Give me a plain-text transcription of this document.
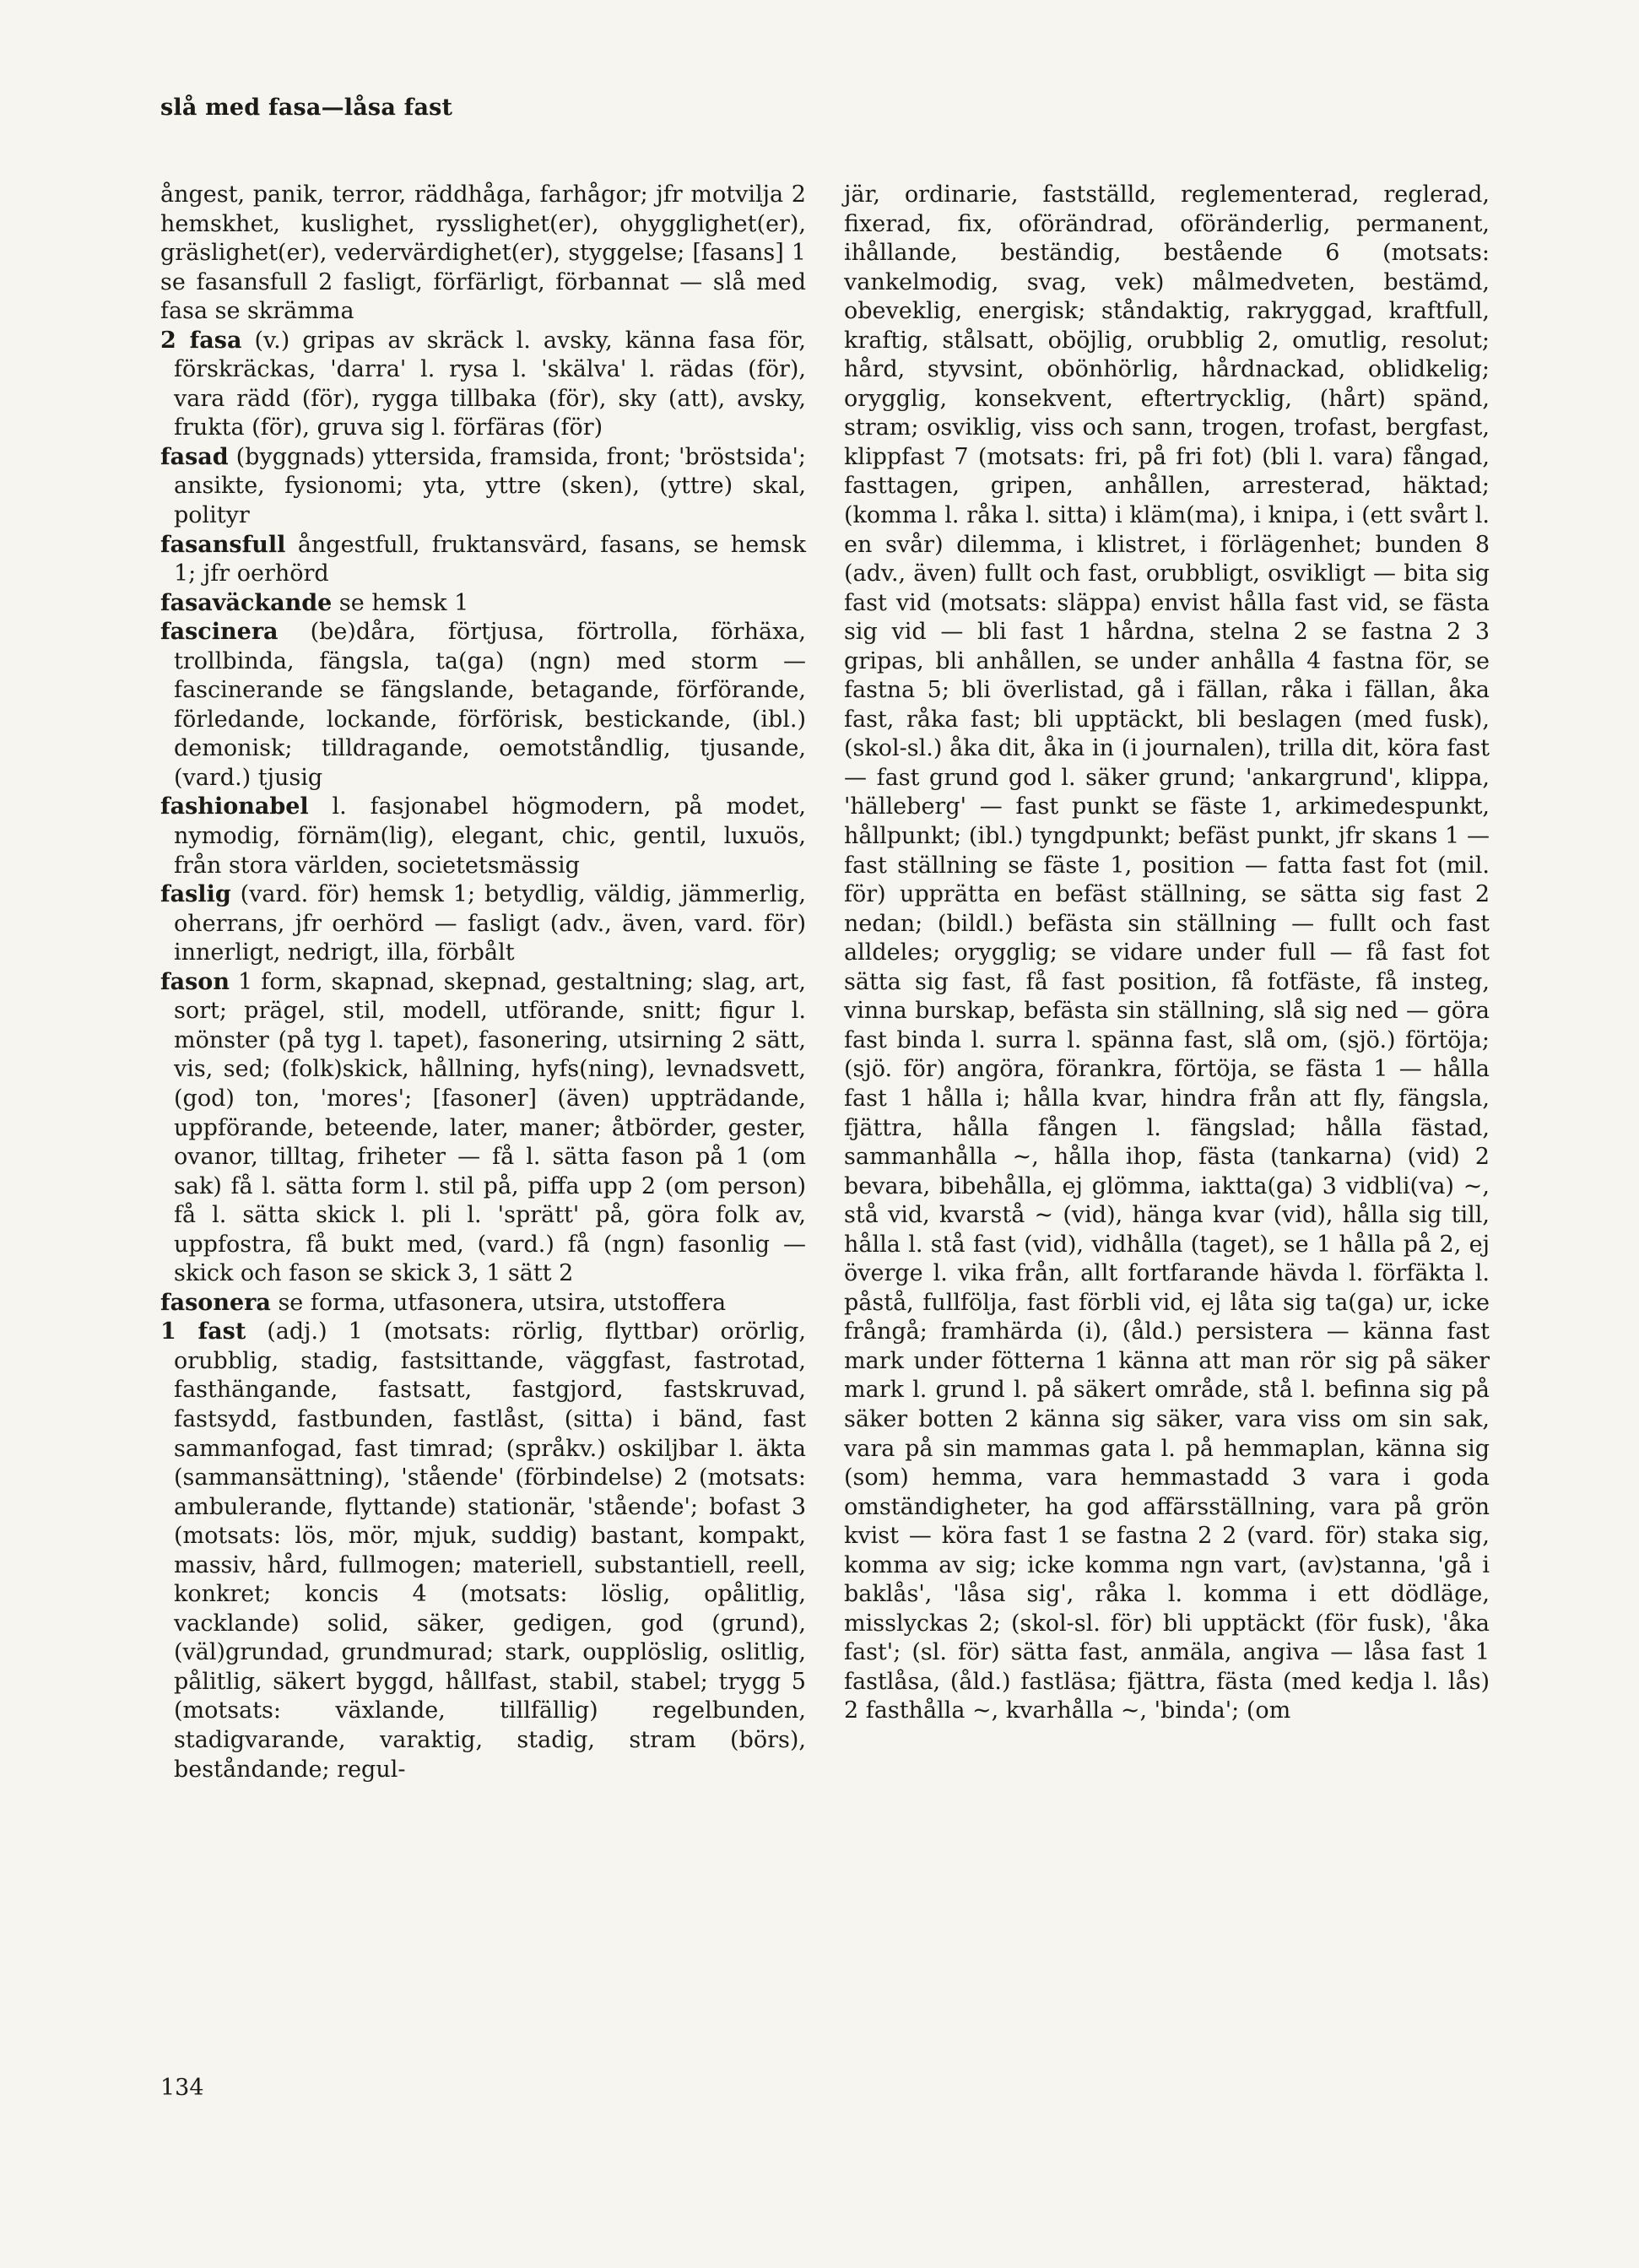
slå med fasa—låsa fast

ångest, panik, terror, räddhåga, farhågor; jfr motvilja 2 hemskhet, kuslighet, rysslighet(er), ohygglighet(er), gräslighet(er), vedervärdighet(er), styggelse; [fasans] 1 se fasansfull 2 fasligt, förfärligt, förbannat — slå med fasa se skrämma

2 fasa (v.) gripas av skräck l. avsky, känna fasa för, förskräckas, 'darra' l. rysa l. 'skälva' l. rädas (för), vara rädd (för), rygga tillbaka (för), sky (att), avsky, frukta (för), gruva sig l. förfäras (för)

fasad (byggnads) yttersida, framsida, front; 'bröstsida'; ansikte, fysionomi; yta, yttre (sken), (yttre) skal, polityr

fasansfull ångestfull, fruktansvärd, fasans, se hemsk 1; jfr oerhörd

fasaväckande se hemsk 1

fascinera (be)dåra, förtjusa, förtrolla, förhäxa, trollbinda, fängsla, ta(ga) (ngn) med storm — fascinerande se fängslande, betagande, förförande, förledande, lockande, förförisk, bestickande, (ibl.) demonisk; tilldragande, oemotståndlig, tjusande, (vard.) tjusig

fashionabel l. fasjonabel högmodern, på modet, nymodig, förnäm(lig), elegant, chic, gentil, luxuös, från stora världen, societetsmässig

faslig (vard. för) hemsk 1; betydlig, väldig, jämmerlig, oherrans, jfr oerhörd — fasligt (adv., även, vard. för) innerligt, nedrigt, illa, förbålt

fason 1 form, skapnad, skepnad, gestaltning; slag, art, sort; prägel, stil, modell, utförande, snitt; figur l. mönster (på tyg l. tapet), fasonering, utsirning 2 sätt, vis, sed; (folk)skick, hållning, hyfs(ning), levnadsvett, (god) ton, 'mores'; [fasoner] (även) uppträdande, uppförande, beteende, later, maner; åtbörder, gester, ovanor, tilltag, friheter — få l. sätta fason på 1 (om sak) få l. sätta form l. stil på, piffa upp 2 (om person) få l. sätta skick l. pli l. 'sprätt' på, göra folk av, uppfostra, få bukt med, (vard.) få (ngn) fasonlig — skick och fason se skick 3, 1 sätt 2

fasonera se forma, utfasonera, utsira, utstoffera

1 fast (adj.) 1 (motsats: rörlig, flyttbar) orörlig, orubblig, stadig, fastsittande, väggfast, fastrotad, fasthängande, fastsatt, fastgjord, fastskruvad, fastsydd, fastbunden, fastlåst, (sitta) i bänd, fast sammanfogad, fast timrad; (språkv.) oskiljbar l. äkta (sammansättning), 'stående' (förbindelse) 2 (motsats: ambulerande, flyttande) stationär, 'stående'; bofast 3 (motsats: lös, mör, mjuk, suddig) bastant, kompakt, massiv, hård, fullmogen; materiell, substantiell, reell, konkret; koncis 4 (motsats: löslig, opålitlig, vacklande) solid, säker, gedigen, god (grund), (väl)grundad, grundmurad; stark, oupplöslig, oslitlig, pålitlig, säkert byggd, hållfast, stabil, stabel; trygg 5 (motsats: växlande, tillfällig) regelbunden, stadigvarande, varaktig, stadig, stram (börs), beståndande; regul-

jär, ordinarie, fastställd, reglementerad, reglerad, fixerad, fix, oförändrad, oföränderlig, permanent, ihållande, beständig, bestående 6 (motsats: vankelmodig, svag, vek) målmedveten, bestämd, obeveklig, energisk; ståndaktig, rakryggad, kraftfull, kraftig, stålsatt, oböjlig, orubblig 2, omutlig, resolut; hård, styvsint, obönhörlig, hårdnackad, oblidkelig; orygglig, konsekvent, eftertrycklig, (hårt) spänd, stram; osviklig, viss och sann, trogen, trofast, bergfast, klippfast 7 (motsats: fri, på fri fot) (bli l. vara) fångad, fasttagen, gripen, anhållen, arresterad, häktad; (komma l. råka l. sitta) i kläm(ma), i knipa, i (ett svårt l. en svår) dilemma, i klistret, i förlägenhet; bunden 8 (adv., även) fullt och fast, orubbligt, osvikligt — bita sig fast vid (motsats: släppa) envist hålla fast vid, se fästa sig vid — bli fast 1 hårdna, stelna 2 se fastna 2 3 gripas, bli anhållen, se under anhålla 4 fastna för, se fastna 5; bli överlistad, gå i fällan, råka i fällan, åka fast, råka fast; bli upptäckt, bli beslagen (med fusk), (skol-sl.) åka dit, åka in (i journalen), trilla dit, köra fast — fast grund god l. säker grund; 'ankargrund', klippa, 'hälleberg' — fast punkt se fäste 1, arkimedespunkt, hållpunkt; (ibl.) tyngdpunkt; befäst punkt, jfr skans 1 — fast ställning se fäste 1, position — fatta fast fot (mil. för) upprätta en befäst ställning, se sätta sig fast 2 nedan; (bildl.) befästa sin ställning — fullt och fast alldeles; orygglig; se vidare under full — få fast fot sätta sig fast, få fast position, få fotfäste, få insteg, vinna burskap, befästa sin ställning, slå sig ned — göra fast binda l. surra l. spänna fast, slå om, (sjö.) förtöja; (sjö. för) angöra, förankra, förtöja, se fästa 1 — hålla fast 1 hålla i; hålla kvar, hindra från att fly, fängsla, fjättra, hålla fången l. fängslad; hålla fästad, sammanhålla ~, hålla ihop, fästa (tankarna) (vid) 2 bevara, bibehålla, ej glömma, iaktta(ga) 3 vidbli(va) ~, stå vid, kvarstå ~ (vid), hänga kvar (vid), hålla sig till, hålla l. stå fast (vid), vidhålla (taget), se 1 hålla på 2, ej överge l. vika från, allt fortfarande hävda l. förfäkta l. påstå, fullfölja, fast förbli vid, ej låta sig ta(ga) ur, icke frångå; framhärda (i), (åld.) persistera — känna fast mark under fötterna 1 känna att man rör sig på säker mark l. grund l. på säkert område, stå l. befinna sig på säker botten 2 känna sig säker, vara viss om sin sak, vara på sin mammas gata l. på hemmaplan, känna sig (som) hemma, vara hemmastadd 3 vara i goda omständigheter, ha god affärsställning, vara på grön kvist — köra fast 1 se fastna 2 2 (vard. för) staka sig, komma av sig; icke komma ngn vart, (av)stanna, 'gå i baklås', 'låsa sig', råka l. komma i ett dödläge, misslyckas 2; (skol-sl. för) bli upptäckt (för fusk), 'åka fast'; (sl. för) sätta fast, anmäla, angiva — låsa fast 1 fastlåsa, (åld.) fastläsa; fjättra, fästa (med kedja l. lås) 2 fasthålla ~, kvarhålla ~, 'binda'; (om

134
